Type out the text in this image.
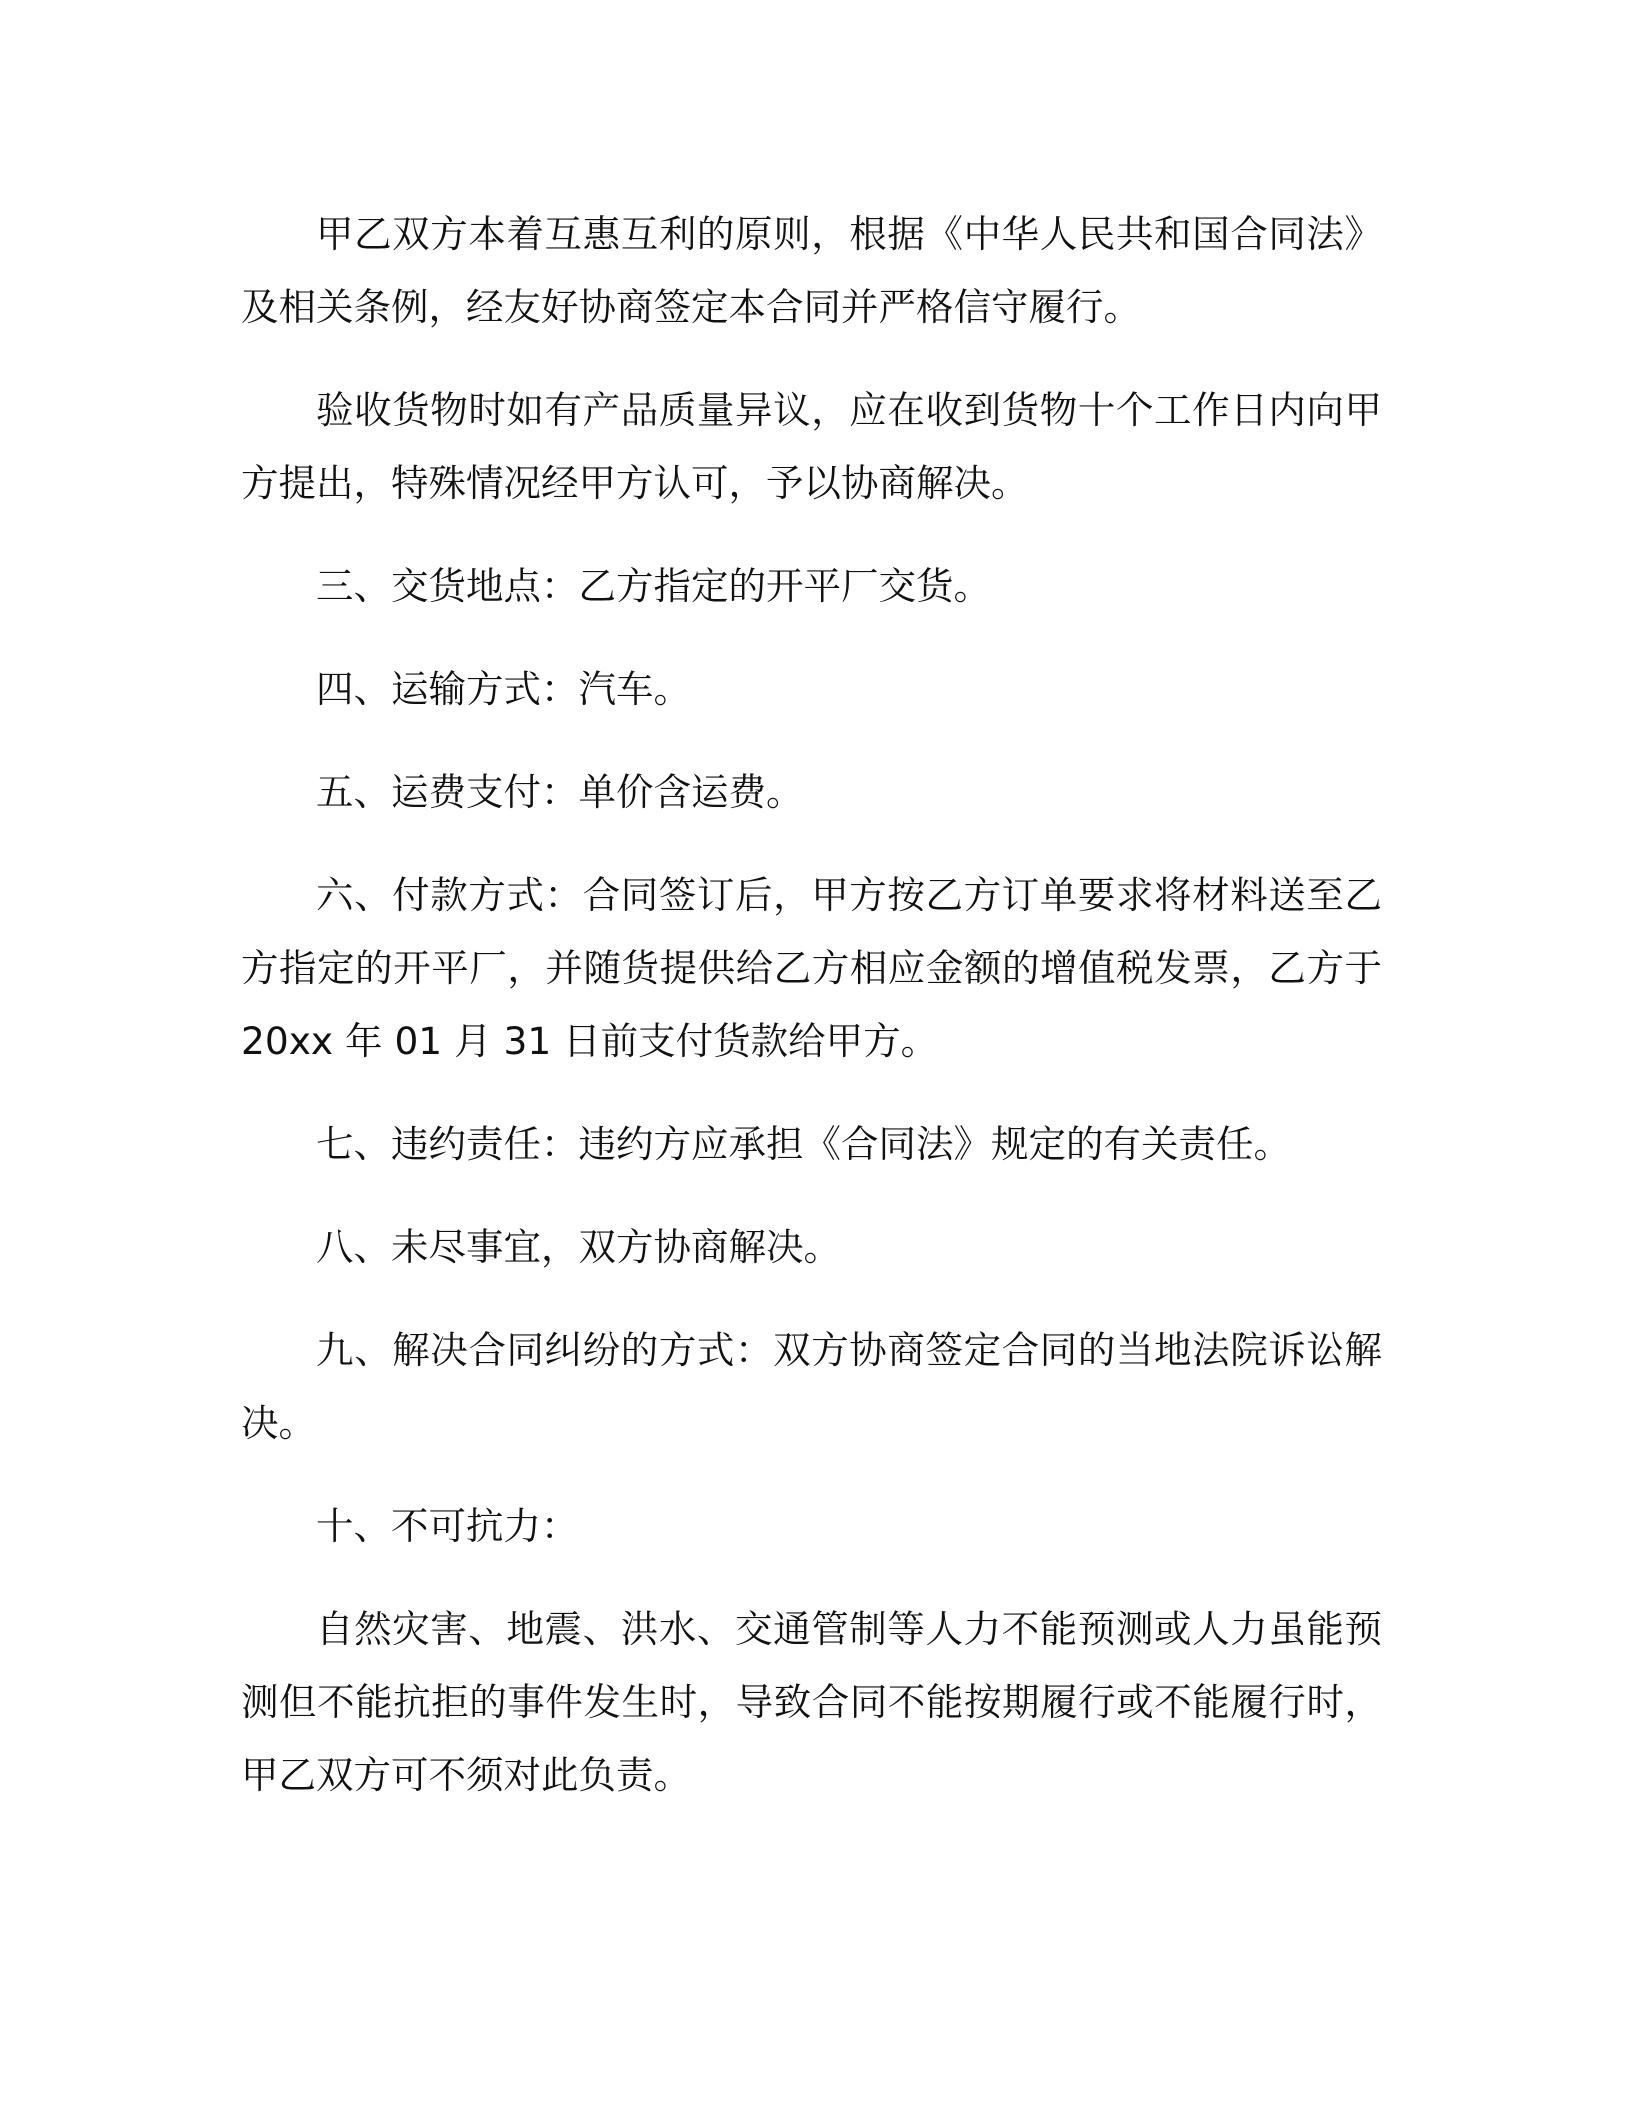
甲乙双方本着互惠互利的原则，根据《中华人民共和国合同法》及相关条例，经友好协商签定本合同并严格信守履行。

验收货物时如有产品质量异议，应在收到货物十个工作日内向甲方提出，特殊情况经甲方认可，予以协商解决。

三、交货地点：乙方指定的开平厂交货。

四、运输方式：汽车。

五、运费支付：单价含运费。

六、付款方式：合同签订后，甲方按乙方订单要求将材料送至乙方指定的开平厂，并随货提供给乙方相应金额的增值税发票，乙方于 20xx 年 01 月 31 日前支付货款给甲方。

七、违约责任：违约方应承担《合同法》规定的有关责任。

八、未尽事宜，双方协商解决。

九、解决合同纠纷的方式：双方协商签定合同的当地法院诉讼解决。

十、不可抗力：

自然灾害、地震、洪水、交通管制等人力不能预测或人力虽能预测但不能抗拒的事件发生时，导致合同不能按期履行或不能履行时，甲乙双方可不须对此负责。
